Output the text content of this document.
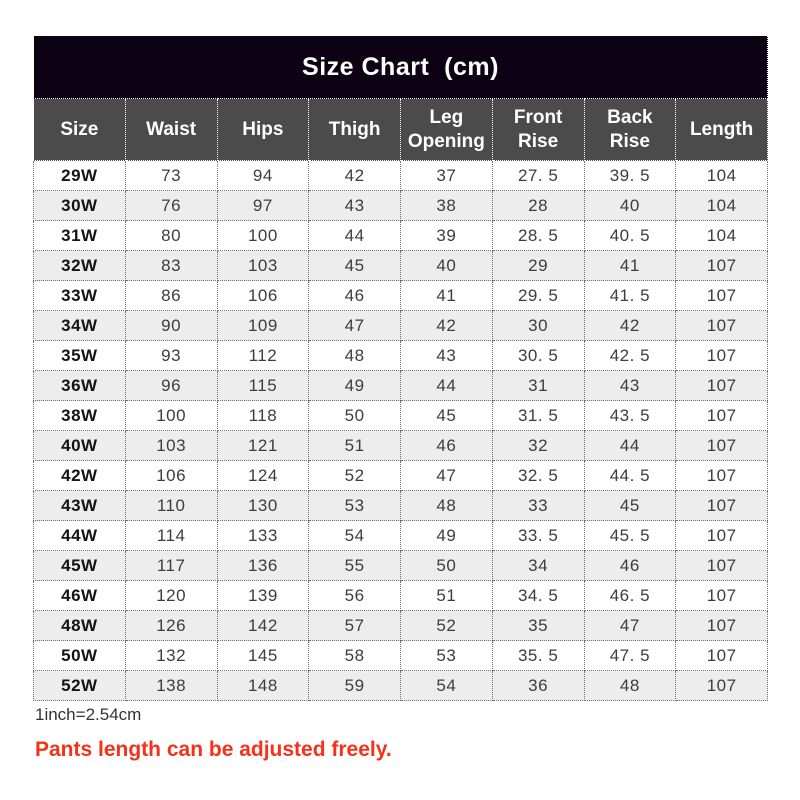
Size Chart  (cm)							
Size	Waist	Hips	Thigh	Leg Opening	Front Rise	Back Rise	Length
29W	73	94	42	37	27. 5	39. 5	104
30W	76	97	43	38	28	40	104
31W	80	100	44	39	28. 5	40. 5	104
32W	83	103	45	40	29	41	107
33W	86	106	46	41	29. 5	41. 5	107
34W	90	109	47	42	30	42	107
35W	93	112	48	43	30. 5	42. 5	107
36W	96	115	49	44	31	43	107
38W	100	118	50	45	31. 5	43. 5	107
40W	103	121	51	46	32	44	107
42W	106	124	52	47	32. 5	44. 5	107
43W	110	130	53	48	33	45	107
44W	114	133	54	49	33. 5	45. 5	107
45W	117	136	55	50	34	46	107
46W	120	139	56	51	34. 5	46. 5	107
48W	126	142	57	52	35	47	107
50W	132	145	58	53	35. 5	47. 5	107
52W	138	148	59	54	36	48	107
1inch=2.54cm
Pants length can be adjusted freely.
